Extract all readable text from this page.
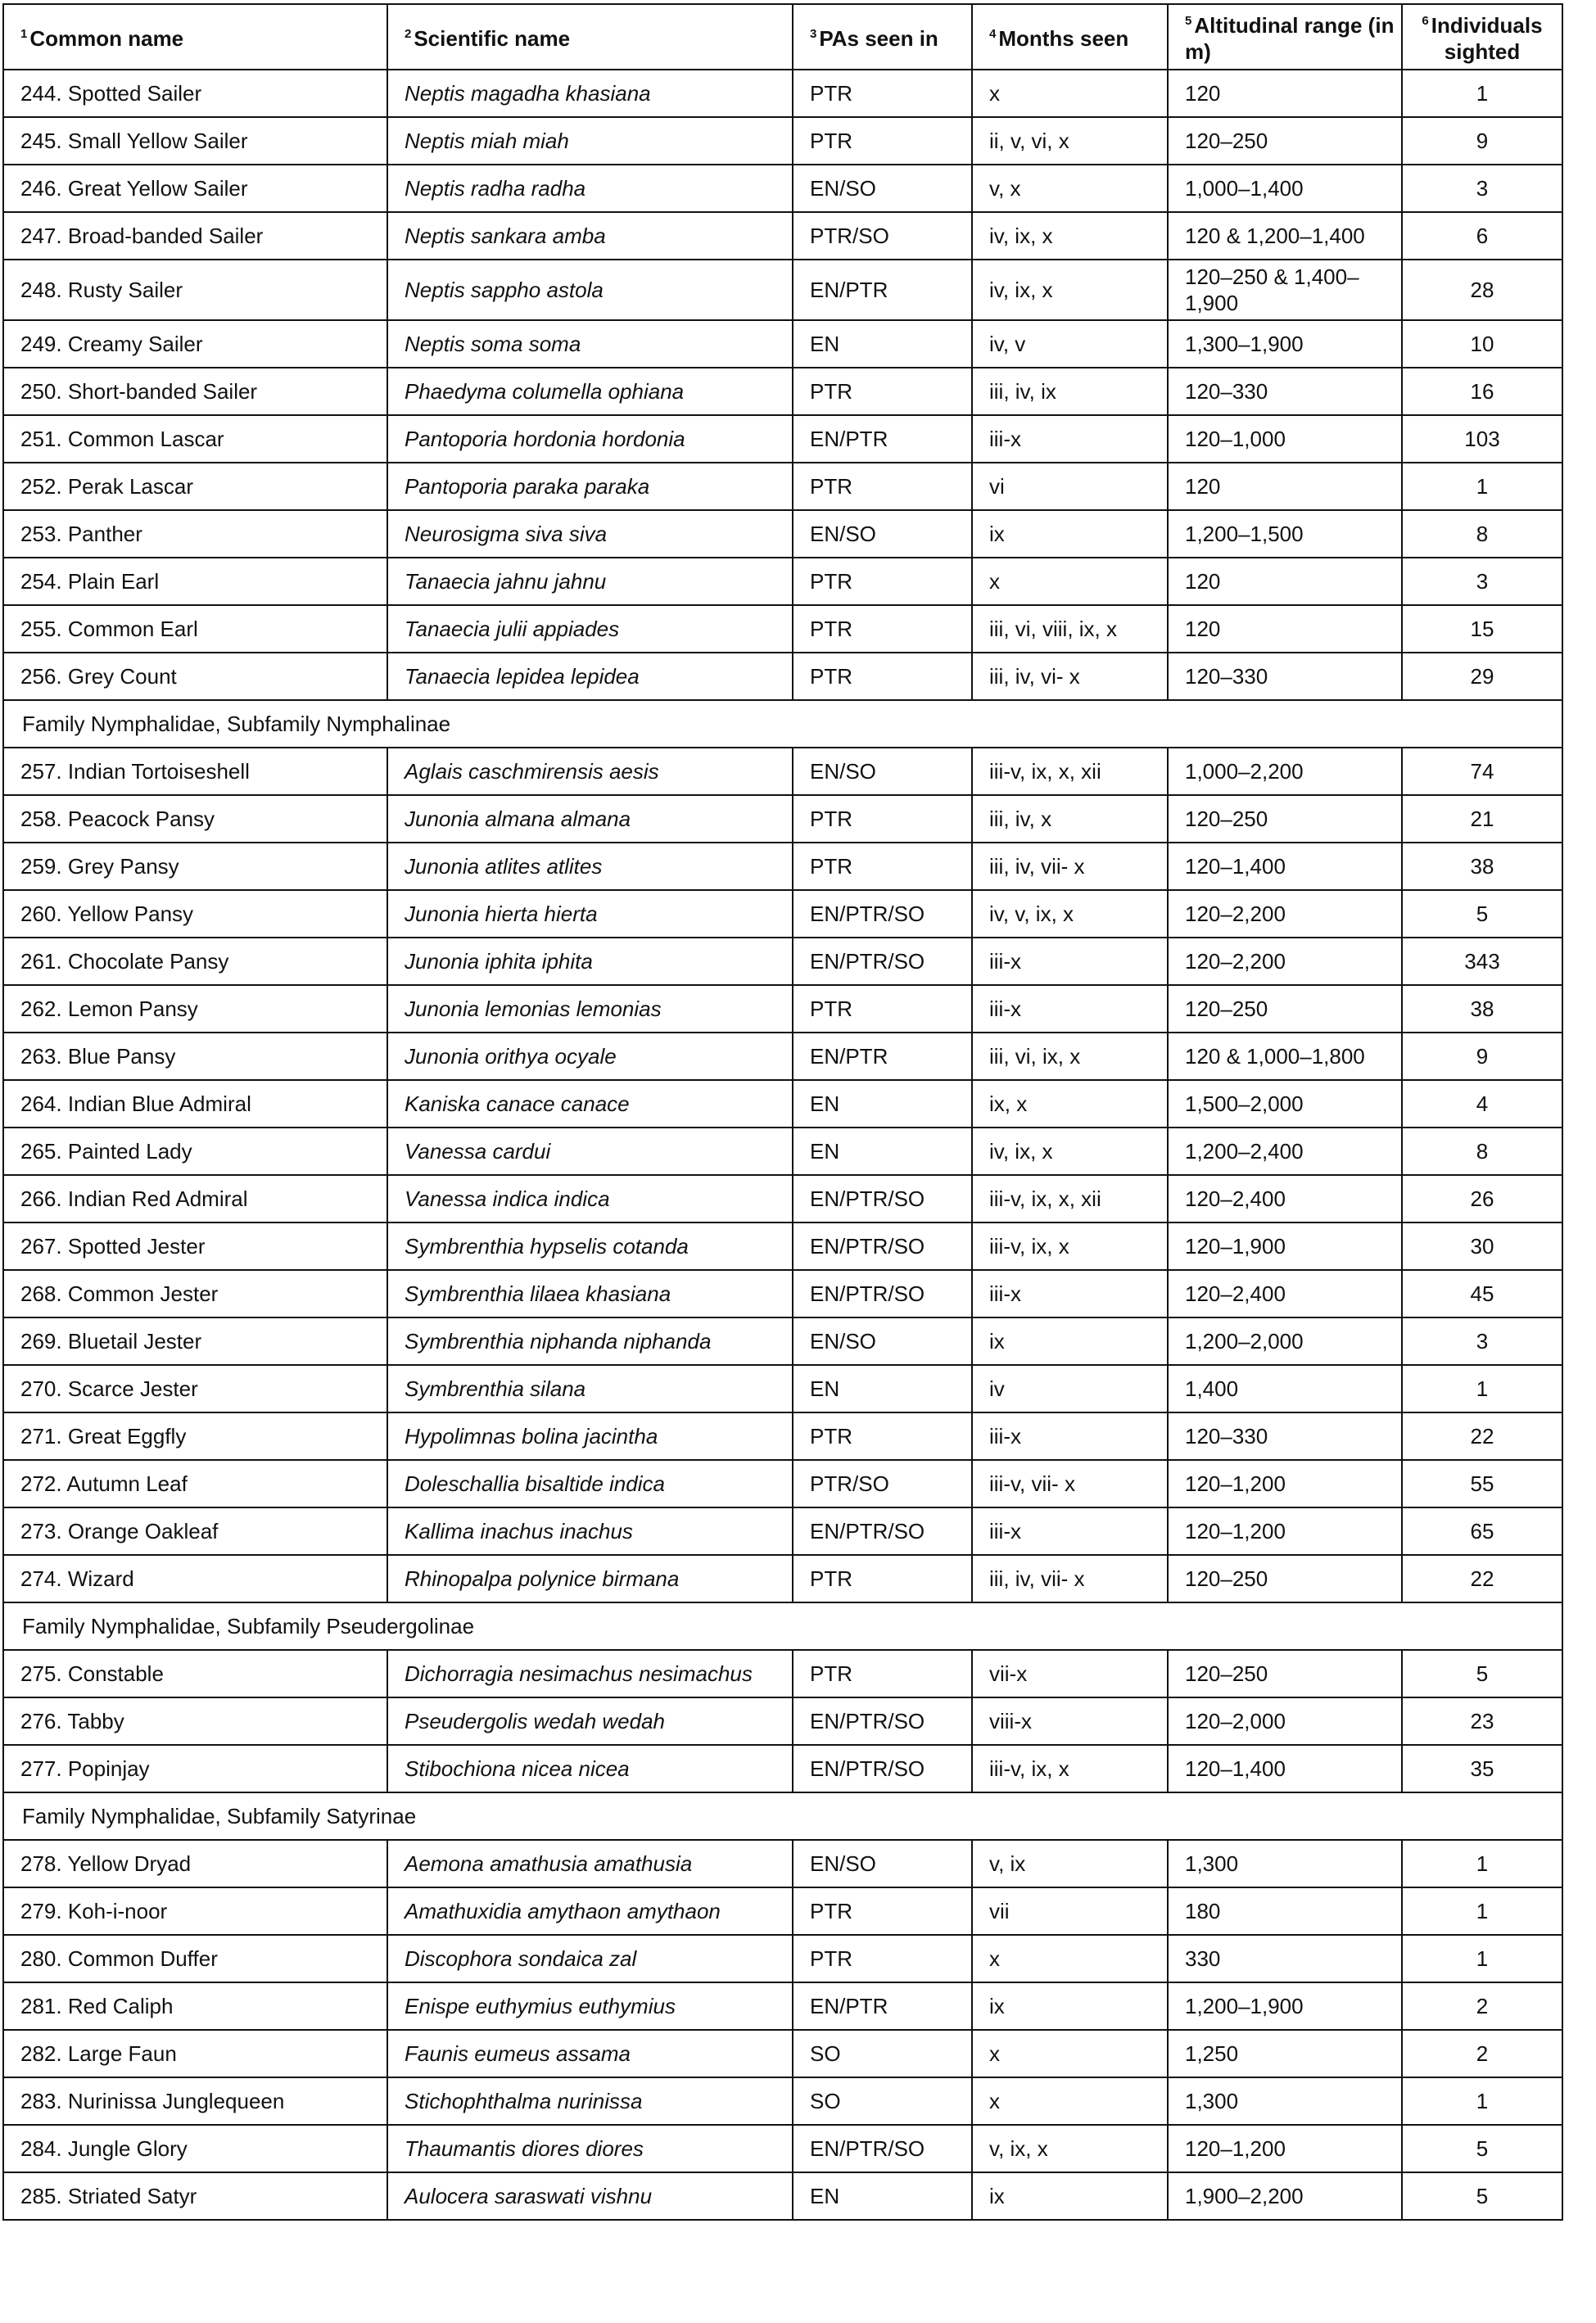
$^1$ Common name	$^2$ Scientific name	$^3$ PAs seen in	$^4$ Months seen	$^5$ Altitudinal range (in m)	$^6$ Individuals sighted
244. Spotted Sailer	Neptis magadha khasiana	PTR	x	120	1
245. Small Yellow Sailer	Neptis miah miah	PTR	ii, v, vi, x	120–250	9
246. Great Yellow Sailer	Neptis radha radha	EN/SO	v, x	1,000–1,400	3
247. Broad-banded Sailer	Neptis sankara amba	PTR/SO	iv, ix, x	120 & 1,200–1,400	6
248. Rusty Sailer	Neptis sappho astola	EN/PTR	iv, ix, x	120–250 & 1,400–1,900	28
249. Creamy Sailer	Neptis soma soma	EN	iv, v	1,300–1,900	10
250. Short-banded Sailer	Phaedyma columella ophiana	PTR	iii, iv, ix	120–330	16
251. Common Lascar	Pantoporia hordonia hordonia	EN/PTR	iii-x	120–1,000	103
252. Perak Lascar	Pantoporia paraka paraka	PTR	vi	120	1
253. Panther	Neurosigma siva siva	EN/SO	ix	1,200–1,500	8
254. Plain Earl	Tanaecia jahnu jahnu	PTR	x	120	3
255. Common Earl	Tanaecia julii appiades	PTR	iii, vi, viii, ix, x	120	15
256. Grey Count	Tanaecia lepidea lepidea	PTR	iii, iv, vi- x	120–330	29
Family Nymphalidae, Subfamily Nymphalinae					
257. Indian Tortoiseshell	Aglais caschmirensis aesis	EN/SO	iii-v, ix, x, xii	1,000–2,200	74
258. Peacock Pansy	Junonia almana almana	PTR	iii, iv, x	120–250	21
259. Grey Pansy	Junonia atlites atlites	PTR	iii, iv, vii- x	120–1,400	38
260. Yellow Pansy	Junonia hierta hierta	EN/PTR/SO	iv, v, ix, x	120–2,200	5
261. Chocolate Pansy	Junonia iphita iphita	EN/PTR/SO	iii-x	120–2,200	343
262. Lemon Pansy	Junonia lemonias lemonias	PTR	iii-x	120–250	38
263. Blue Pansy	Junonia orithya ocyale	EN/PTR	iii, vi, ix, x	120 & 1,000–1,800	9
264. Indian Blue Admiral	Kaniska canace canace	EN	ix, x	1,500–2,000	4
265. Painted Lady	Vanessa cardui	EN	iv, ix, x	1,200–2,400	8
266. Indian Red Admiral	Vanessa indica indica	EN/PTR/SO	iii-v, ix, x, xii	120–2,400	26
267. Spotted Jester	Symbrenthia hypselis cotanda	EN/PTR/SO	iii-v, ix, x	120–1,900	30
268. Common Jester	Symbrenthia lilaea khasiana	EN/PTR/SO	iii-x	120–2,400	45
269. Bluetail Jester	Symbrenthia niphanda niphanda	EN/SO	ix	1,200–2,000	3
270. Scarce Jester	Symbrenthia silana	EN	iv	1,400	1
271. Great Eggfly	Hypolimnas bolina jacintha	PTR	iii-x	120–330	22
272. Autumn Leaf	Doleschallia bisaltide indica	PTR/SO	iii-v, vii- x	120–1,200	55
273. Orange Oakleaf	Kallima inachus inachus	EN/PTR/SO	iii-x	120–1,200	65
274. Wizard	Rhinopalpa polynice birmana	PTR	iii, iv, vii- x	120–250	22
Family Nymphalidae, Subfamily Pseudergolinae					
275. Constable	Dichorragia nesimachus nesimachus	PTR	vii-x	120–250	5
276. Tabby	Pseudergolis wedah wedah	EN/PTR/SO	viii-x	120–2,000	23
277. Popinjay	Stibochiona nicea nicea	EN/PTR/SO	iii-v, ix, x	120–1,400	35
Family Nymphalidae, Subfamily Satyrinae					
278. Yellow Dryad	Aemona amathusia amathusia	EN/SO	v, ix	1,300	1
279. Koh-i-noor	Amathuxidia amythaon amythaon	PTR	vii	180	1
280. Common Duffer	Discophora sondaica zal	PTR	x	330	1
281. Red Caliph	Enispe euthymius euthymius	EN/PTR	ix	1,200–1,900	2
282. Large Faun	Faunis eumeus assama	SO	x	1,250	2
283. Nurinissa Junglequeen	Stichophthalma nurinissa	SO	x	1,300	1
284. Jungle Glory	Thaumantis diores diores	EN/PTR/SO	v, ix, x	120–1,200	5
285. Striated Satyr	Aulocera saraswati vishnu	EN	ix	1,900–2,200	5
